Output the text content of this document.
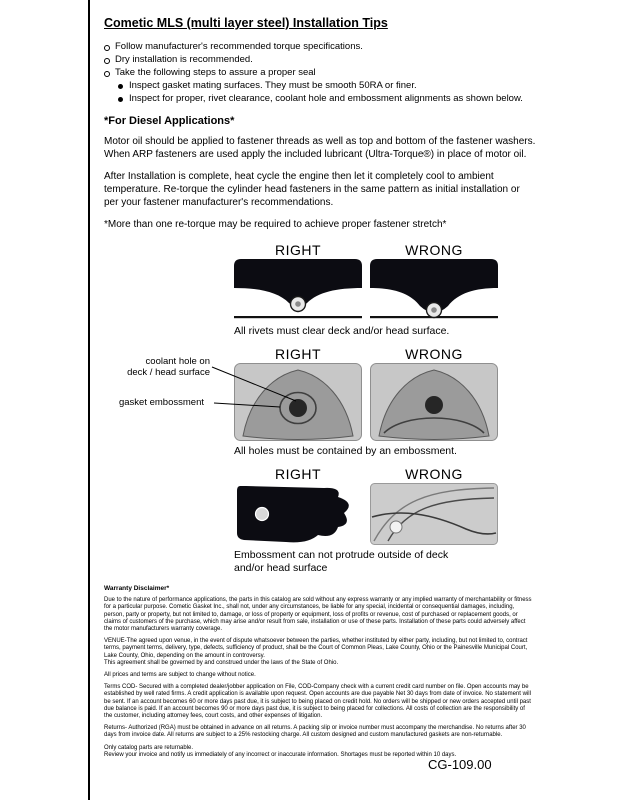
Cometic MLS (multi layer steel) Installation Tips
Follow manufacturer's recommended torque specifications.
Dry installation is recommended.
Take the following steps to assure a proper seal
Inspect gasket mating surfaces. They must be smooth 50RA or finer.
Inspect for proper, rivet clearance, coolant hole and embossment alignments as shown below.
*For Diesel Applications*

Motor oil should be applied to fastener threads as well as top and bottom of the fastener washers. When ARP fasteners are used apply the included lubricant (Ultra-Torque®) in place of motor oil.

After Installation is complete, heat cycle the engine then let it completely cool to ambient temperature. Re-torque the cylinder head fasteners in the same pattern as initial installation or per your fastener manufacturer's recommendations.

*More than one re-torque may be required to achieve proper fastener stretch*

RIGHT	WRONG
All rivets must clear deck and/or head surface.
RIGHT	WRONG
coolant hole on
deck / head surface
gasket embossment
All holes must be contained by an embossment.
RIGHT	WRONG
Embossment can not protrude outside of deck and/or head surface

Warranty Disclaimer*

Due to the nature of performance applications, the parts in this catalog are sold without any express warranty or any implied warranty of merchantability or fitness for a particular purpose. Cometic Gasket Inc., shall not, under any circumstances, be liable for any special, incidental or consequential damages, including, person, party or property, but not limited to, damage, or loss of property or equipment, loss of profits or revenue, cost of purchased or replacement goods, or claims of customers of the purchase, which may arise and/or result from sale, installation or use of these parts. Installation of these parts could adversely affect the motor manufacturers warranty coverage.

VENUE-The agreed upon venue, in the event of dispute whatsoever between the parties, whether instituted by either party, including, but not limited to, contract terms, payment terms, delivery, type, defects, sufficiency of product, shall be the Court of Common Pleas, Lake County, Ohio or the Painesville Municipal Court, Lake County, Ohio, depending on the amount in controversy.

This agreement shall be governed by and construed under the laws of the State of Ohio.

All prices and terms are subject to change without notice.

Terms COD- Secured with a completed dealer/jobber application on File, COD-Company check with a current credit card number on file. Open accounts may be established by well rated firms. A credit application is available upon request. Open accounts are due payable Net 30 days from date of invoice. No statement will be sent. If an account becomes 60 or more days past due, it is subject to being placed on credit hold. No orders will be shipped or new orders accepted until past due balance is paid. If an account becomes 90 or more days past due, it is subject to being placed for collections. All costs of collection are the responsibility of the customer, including attorney fees, court costs, and other expenses of litigation.

Returns- Authorized (RGA) must be obtained in advance on all returns. A packing slip or invoice number must accompany the merchandise. No returns after 30 days from invoice date. All returns are subject to a 25% restocking charge. All custom designed and custom manufactured gaskets are non-returnable.

Only catalog parts are returnable.

Review your invoice and notify us immediately of any incorrect or inaccurate information. Shortages must be reported within 10 days.

CG-109.00
